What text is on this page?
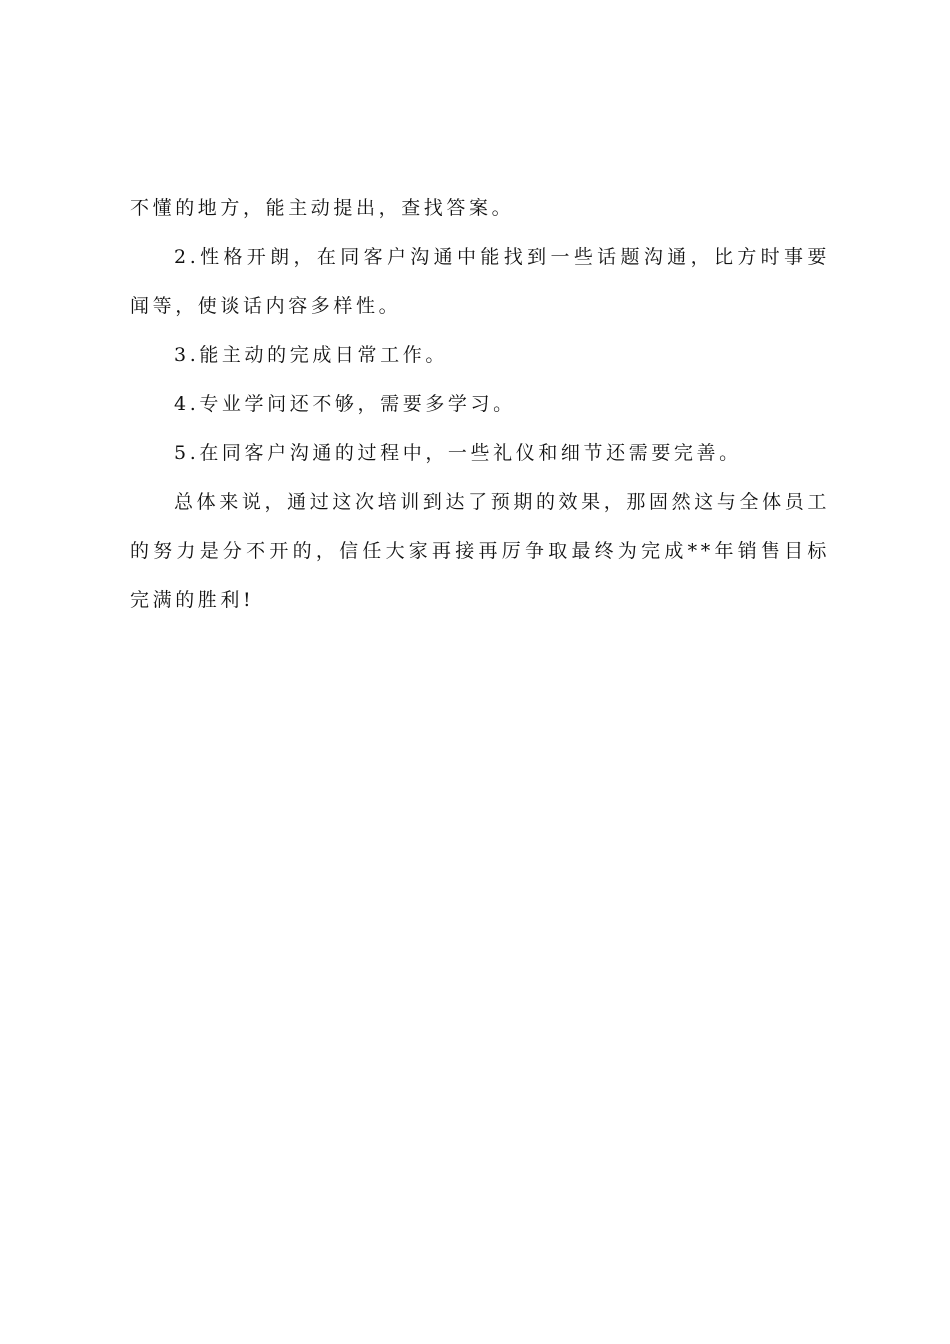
不懂的地方，能主动提出，查找答案。

2.性格开朗，在同客户沟通中能找到一些话题沟通，比方时事要闻等，使谈话内容多样性。

3.能主动的完成日常工作。

4.专业学问还不够，需要多学习。

5.在同客户沟通的过程中，一些礼仪和细节还需要完善。

总体来说，通过这次培训到达了预期的效果，那固然这与全体员工的努力是分不开的，信任大家再接再厉争取最终为完成**年销售目标完满的胜利!
